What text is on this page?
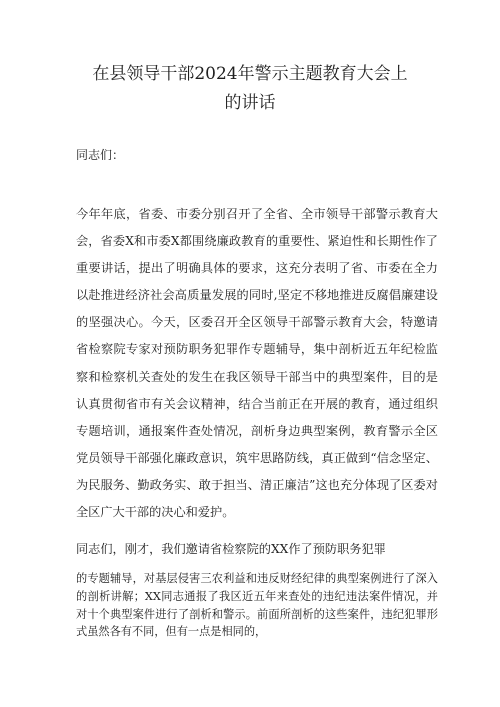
在县领导干部2024年警示主题教育大会上
的讲话
同志们：

今年年底，省委、市委分别召开了全省、全市领导干部警示教育大会，省委X和市委X都围绕廉政教育的重要性、紧迫性和长期性作了重要讲话，提出了明确具体的要求，这充分表明了省、市委在全力以赴推进经济社会高质量发展的同时,坚定不移地推进反腐倡廉建设的坚强决心。今天，区委召开全区领导干部警示教育大会，特邀请省检察院专家对预防职务犯罪作专题辅导，集中剖析近五年纪检监察和检察机关查处的发生在我区领导干部当中的典型案件，目的是认真贯彻省市有关会议精神，结合当前正在开展的教育，通过组织专题培训，通报案件查处情况，剖析身边典型案例，教育警示全区党员领导干部强化廉政意识，筑牢思路防线，真正做到“信念坚定、为民服务、勤政务实、敢于担当、清正廉洁”这也充分体现了区委对全区广大干部的决心和爱护。

同志们，刚才，我们邀请省检察院的XX作了预防职务犯罪

的专题辅导，对基层侵害三农利益和违反财经纪律的典型案例进行了深入的剖析讲解；XX同志通报了我区近五年来查处的违纪违法案件情况，并对十个典型案件进行了剖析和警示。前面所剖析的这些案件，违纪犯罪形式虽然各有不同，但有一点是相同的，
